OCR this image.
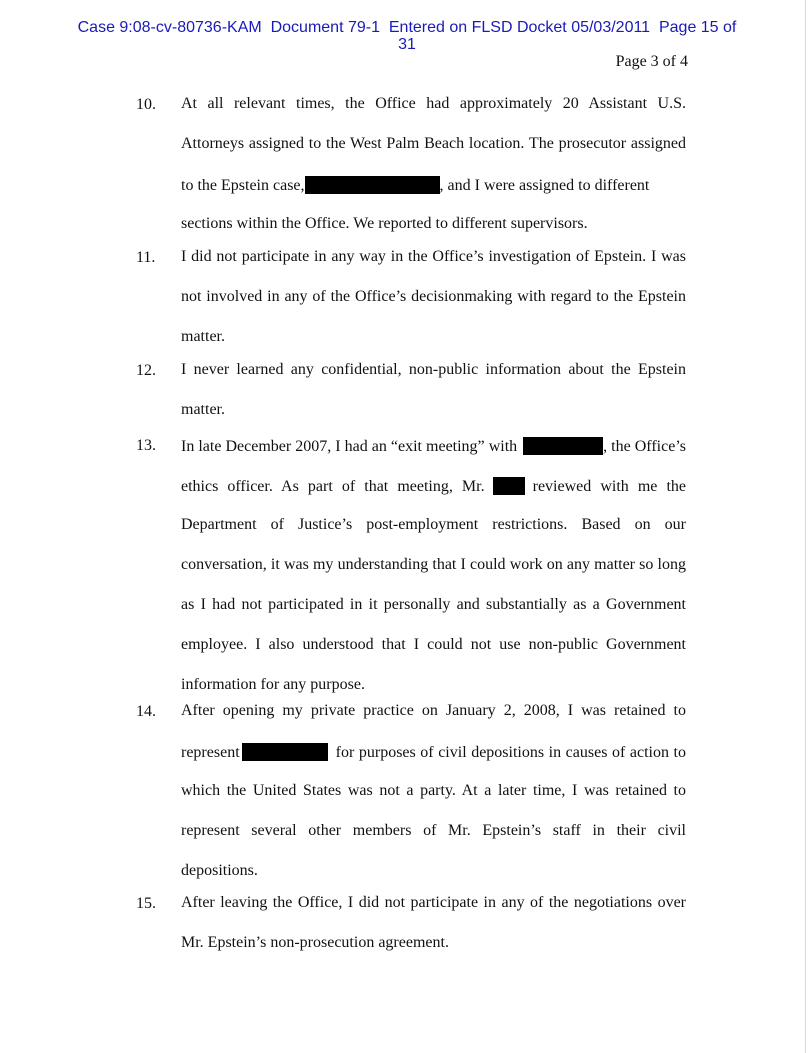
Case 9:08-cv-80736-KAM Document 79-1 Entered on FLSD Docket 05/03/2011 Page 15 of
31
Page 3 of 4
10. At all relevant times, the Office had approximately 20 Assistant U.S.
Attorneys assigned to the West Palm Beach location. The prosecutor assigned
to the Epstein case,	, and I were assigned to different
sections within the Office. We reported to different supervisors.
11. I did not participate in any way in the Office’s investigation of Epstein. I was
not involved in any of the Office’s decisionmaking with regard to the Epstein
matter.
12. I never learned any confidential, non-public information about the Epstein
matter.
13. In late December 2007, I had an “exit meeting” with	, the Office’s
ethics officer. As part of that meeting, Mr.	reviewed with me the
Department of Justice’s post-employment restrictions. Based on our
conversation, it was my understanding that I could work on any matter so long
as I had not participated in it personally and substantially as a Government
employee. I also understood that I could not use non-public Government
information for any purpose.
14. After opening my private practice on January 2, 2008, I was retained to
represent	for purposes of civil depositions in causes of action to
which the United States was not a party. At a later time, I was retained to
represent several other members of Mr. Epstein’s staff in their civil
depositions.
15. After leaving the Office, I did not participate in any of the negotiations over
Mr. Epstein’s non-prosecution agreement.
